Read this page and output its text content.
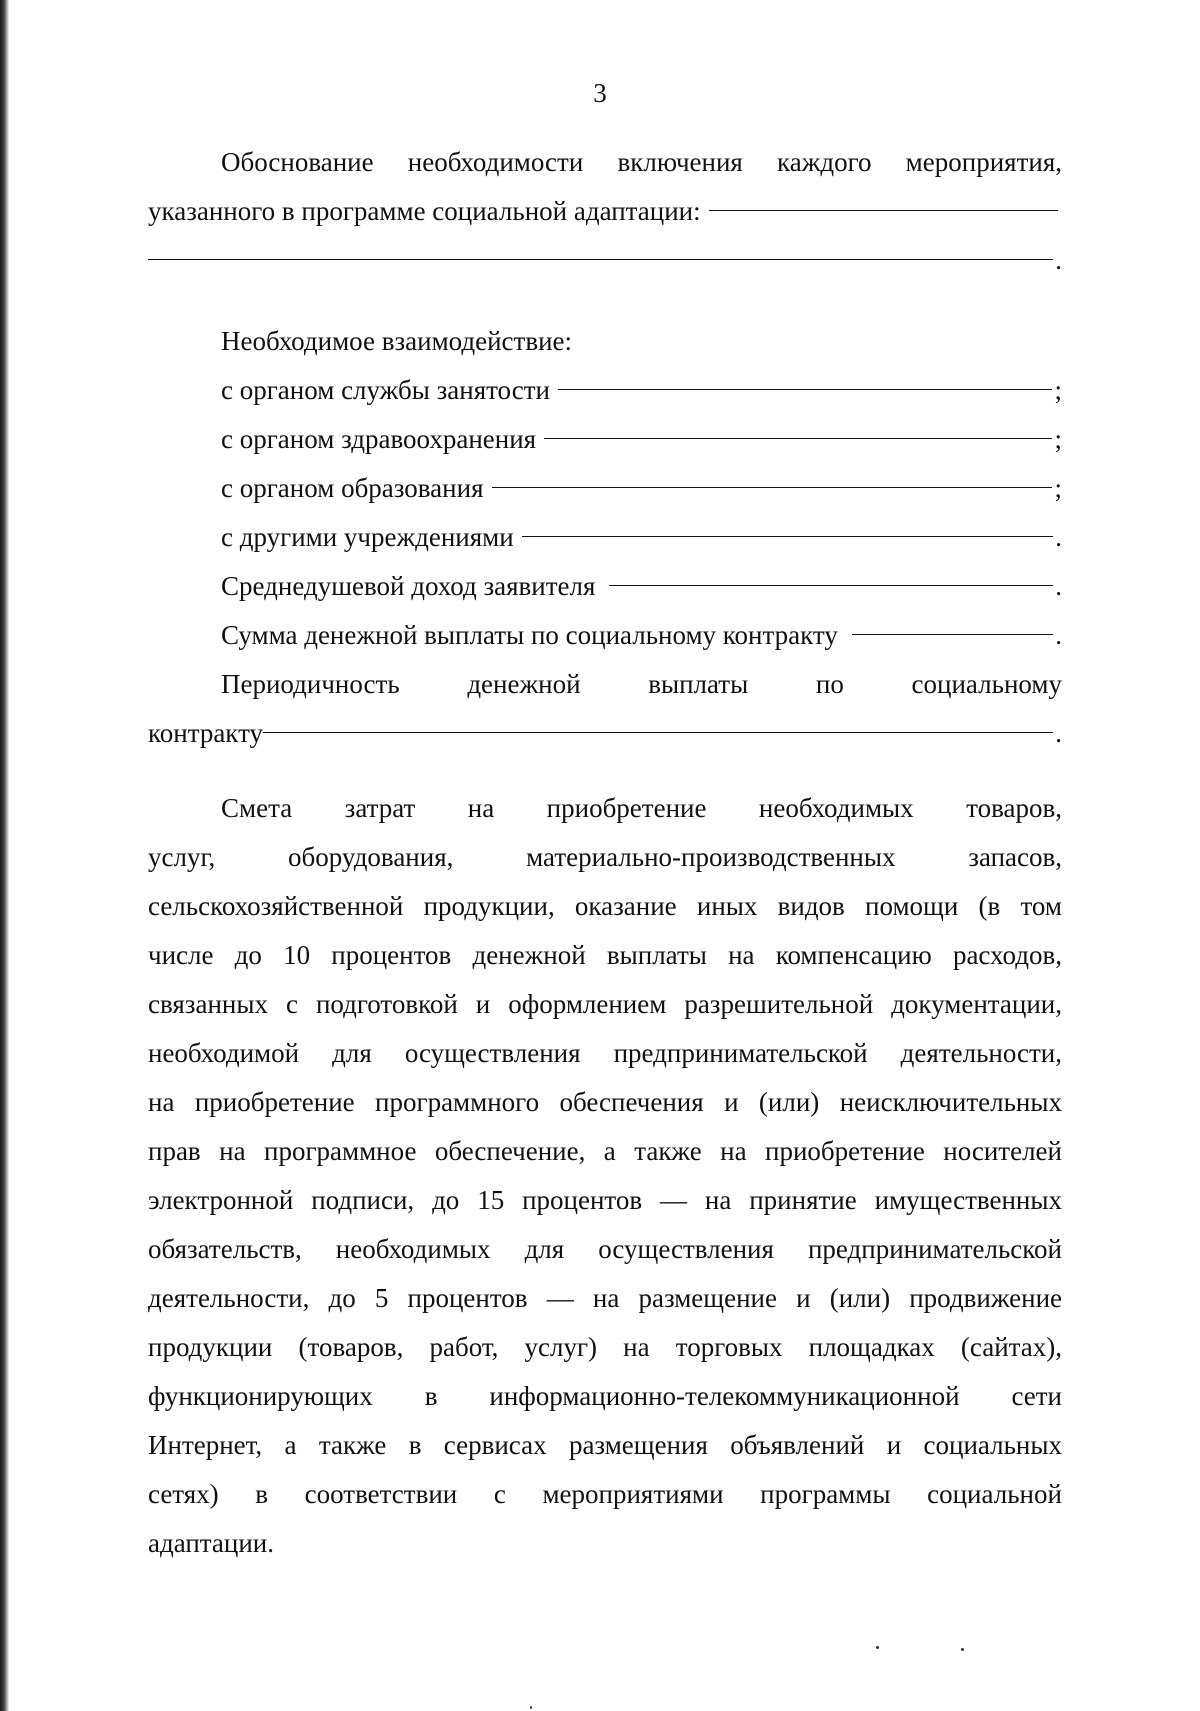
3
Обоснование необходимости включения каждого мероприятия,
указанного в программе социальной адаптации:
.
Необходимое взаимодействие:
с органом службы занятости	;
с органом здравоохранения	;
с органом образования	;
с другими учреждениями	.
Среднедушевой доход заявителя	.
Сумма денежной выплаты по социальному контракту	.
Периодичность	денежной	выплаты	по	социальному
контракту	.
Смета затрат на приобретение необходимых товаров,
услуг,	оборудования,	материально-производственных	запасов,
сельскохозяйственной продукции, оказание иных видов помощи (в том
числе до 10 процентов денежной выплаты на компенсацию расходов,
связанных с подготовкой и оформлением разрешительной документации,
необходимой для осуществления предпринимательской деятельности,
на приобретение программного обеспечения и (или) неисключительных
прав на программное обеспечение, а также на приобретение носителей
электронной подписи, до 15 процентов — на принятие имущественных
обязательств, необходимых для осуществления предпринимательской
деятельности, до 5 процентов — на размещение и (или) продвижение
продукции (товаров, работ, услуг) на торговых площадках (сайтах),
функционирующих в информационно-телекоммуникационной сети
Интернет, а также в сервисах размещения объявлений и социальных
сетях) в соответствии с мероприятиями программы социальной
адаптации.
